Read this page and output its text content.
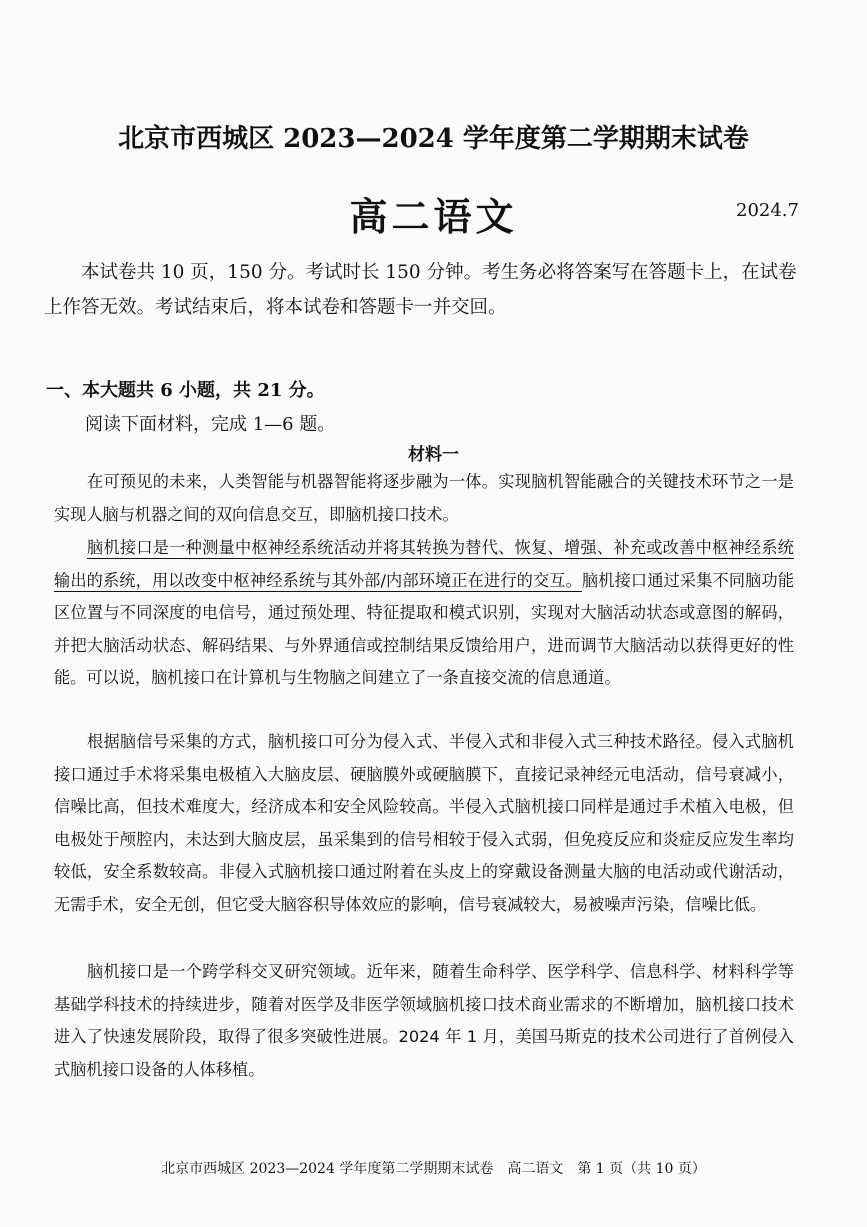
北京市西城区 2023—2024 学年度第二学期期末试卷
高二语文	2024.7

本试卷共 10 页，150 分。考试时长 150 分钟。考生务必将答案写在答题卡上，在试卷上作答无效。考试结束后，将本试卷和答题卡一并交回。

一、本大题共 6 小题，共 21 分。
阅读下面材料，完成 1—6 题。
材料一

在可预见的未来，人类智能与机器智能将逐步融为一体。实现脑机智能融合的关键技术环节之一是实现人脑与机器之间的双向信息交互，即脑机接口技术。

脑机接口是一种测量中枢神经系统活动并将其转换为替代、恢复、增强、补充或改善中枢神经系统输出的系统，用以改变中枢神经系统与其外部/内部环境正在进行的交互。脑机接口通过采集不同脑功能区位置与不同深度的电信号，通过预处理、特征提取和模式识别，实现对大脑活动状态或意图的解码，并把大脑活动状态、解码结果、与外界通信或控制结果反馈给用户，进而调节大脑活动以获得更好的性能。可以说，脑机接口在计算机与生物脑之间建立了一条直接交流的信息通道。

根据脑信号采集的方式，脑机接口可分为侵入式、半侵入式和非侵入式三种技术路径。侵入式脑机接口通过手术将采集电极植入大脑皮层、硬脑膜外或硬脑膜下，直接记录神经元电活动，信号衰减小，信噪比高，但技术难度大，经济成本和安全风险较高。半侵入式脑机接口同样是通过手术植入电极，但电极处于颅腔内，未达到大脑皮层，虽采集到的信号相较于侵入式弱，但免疫反应和炎症反应发生率均较低，安全系数较高。非侵入式脑机接口通过附着在头皮上的穿戴设备测量大脑的电活动或代谢活动，无需手术，安全无创，但它受大脑容积导体效应的影响，信号衰减较大，易被噪声污染，信噪比低。

脑机接口是一个跨学科交叉研究领域。近年来，随着生命科学、医学科学、信息科学、材料科学等基础学科技术的持续进步，随着对医学及非医学领域脑机接口技术商业需求的不断增加，脑机接口技术进入了快速发展阶段，取得了很多突破性进展。2024 年 1 月，美国马斯克的技术公司进行了首例侵入式脑机接口设备的人体移植。

北京市西城区 2023—2024 学年度第二学期期末试卷　高二语文　第 1 页（共 10 页）
